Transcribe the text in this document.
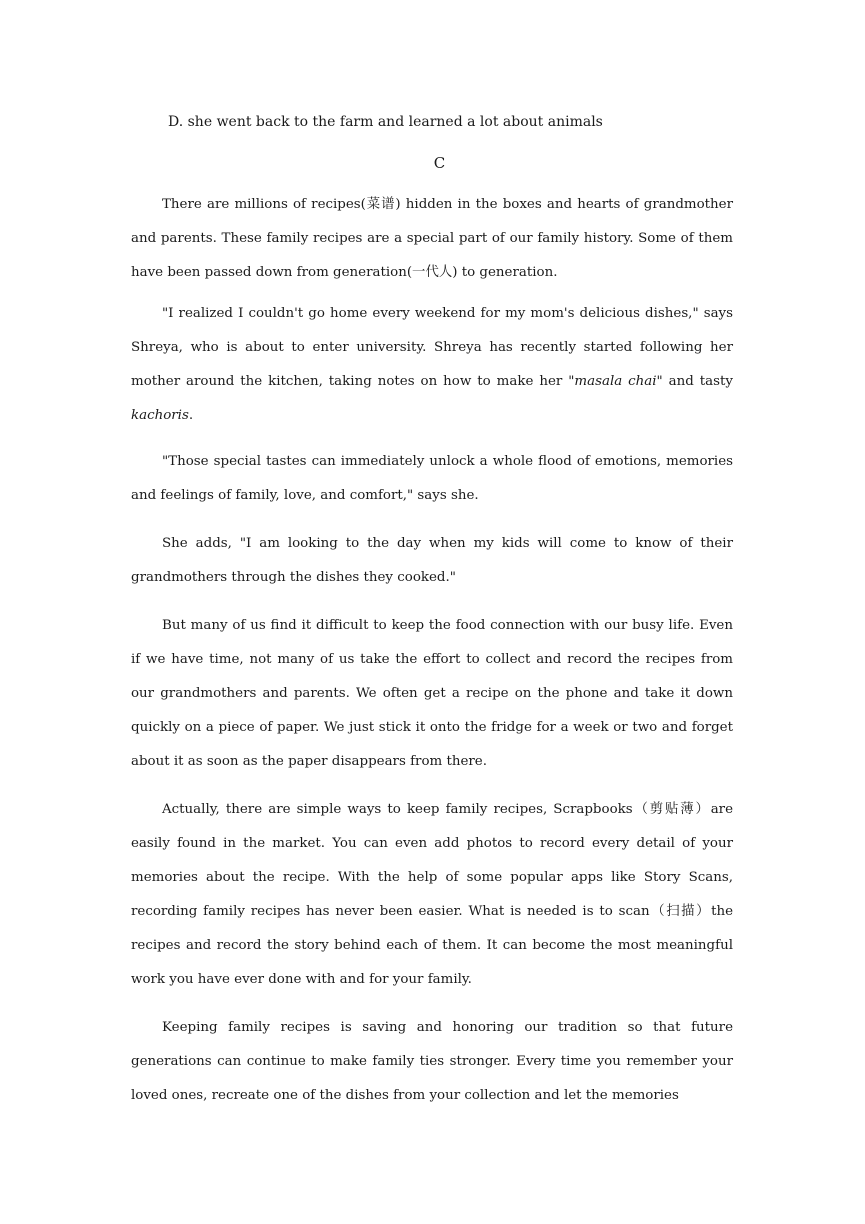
D. she went back to the farm and learned a lot about animals
C

There are millions of recipes(菜谱) hidden in the boxes and hearts of grandmother and parents. These family recipes are a special part of our family history. Some of them have been passed down from generation(一代人) to generation.

"I realized I couldn't go home every weekend for my mom's delicious dishes," says Shreya, who is about to enter university. Shreya has recently started following her mother around the kitchen, taking notes on how to make her "masala chai" and tasty kachoris.

"Those special tastes can immediately unlock a whole flood of emotions, memories and feelings of family, love, and comfort," says she.

She adds, "I am looking to the day when my kids will come to know of their grandmothers through the dishes they cooked."

But many of us find it difficult to keep the food connection with our busy life. Even if we have time, not many of us take the effort to collect and record the recipes from our grandmothers and parents. We often get a recipe on the phone and take it down quickly on a piece of paper. We just stick it onto the fridge for a week or two and forget about it as soon as the paper disappears from there.

Actually, there are simple ways to keep family recipes, Scrapbooks（剪贴薄）are easily found in the market. You can even add photos to record every detail of your memories about the recipe. With the help of some popular apps like Story Scans, recording family recipes has never been easier. What is needed is to scan（扫描）the recipes and record the story behind each of them. It can become the most meaningful work you have ever done with and for your family.

Keeping family recipes is saving and honoring our tradition so that future generations can continue to make family ties stronger. Every time you remember your loved ones, recreate one of the dishes from your collection and let the memories
